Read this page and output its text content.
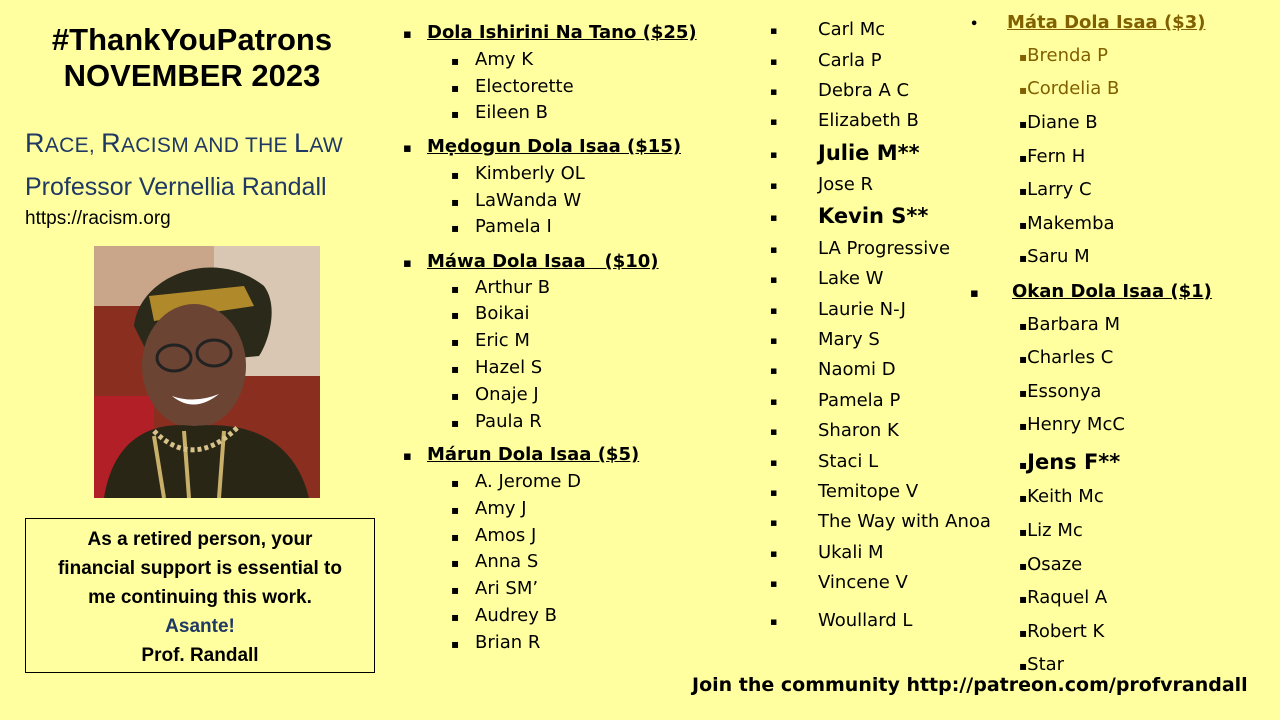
#ThankYouPatrons
NOVEMBER 2023
RACE, RACISM AND THE LAW
Professor Vernellia Randall
https://racism.org
As a retired person, your
financial support is essential to
me continuing this work.
Asante!
Prof. Randall
▪ Dola Ishirini Na Tano ($25)
▪ Amy K
▪ Electorette
▪ Eileen B
▪ Mẹdogun Dola Isaa ($15)
▪ Kimberly OL
▪ LaWanda W
▪ Pamela I
▪ Máwa Dola Isaa   ($10)
▪ Arthur B
▪ Boikai
▪ Eric M
▪ Hazel S
▪ Onaje J
▪ Paula R
▪ Márun Dola Isaa ($5)
▪ A. Jerome D
▪ Amy J
▪ Amos J
▪ Anna S
▪ Ari SM’
▪ Audrey B
▪ Brian R
▪ Carl Mc
▪ Carla P
▪ Debra A C
▪ Elizabeth B
▪ Julie M**
▪ Jose R
▪ Kevin S**
▪ LA Progressive
▪ Lake W
▪ Laurie N-J
▪ Mary S
▪ Naomi D
▪ Pamela P
▪ Sharon K
▪ Staci L
▪ Temitope V
▪ The Way with Anoa
▪ Ukali M
▪ Vincene V
▪ Woullard L
• Máta Dola Isaa ($3)
▪Brenda P
▪Cordelia B
▪Diane B
▪Fern H
▪Larry C
▪Makemba
▪Saru M
▪ Okan Dola Isaa ($1)
▪Barbara M
▪Charles C
▪Essonya
▪Henry McC
▪Jens F**
▪Keith Mc
▪Liz Mc
▪Osaze
▪Raquel A
▪Robert K
▪Star
Join the community http://patreon.com/profvrandall
